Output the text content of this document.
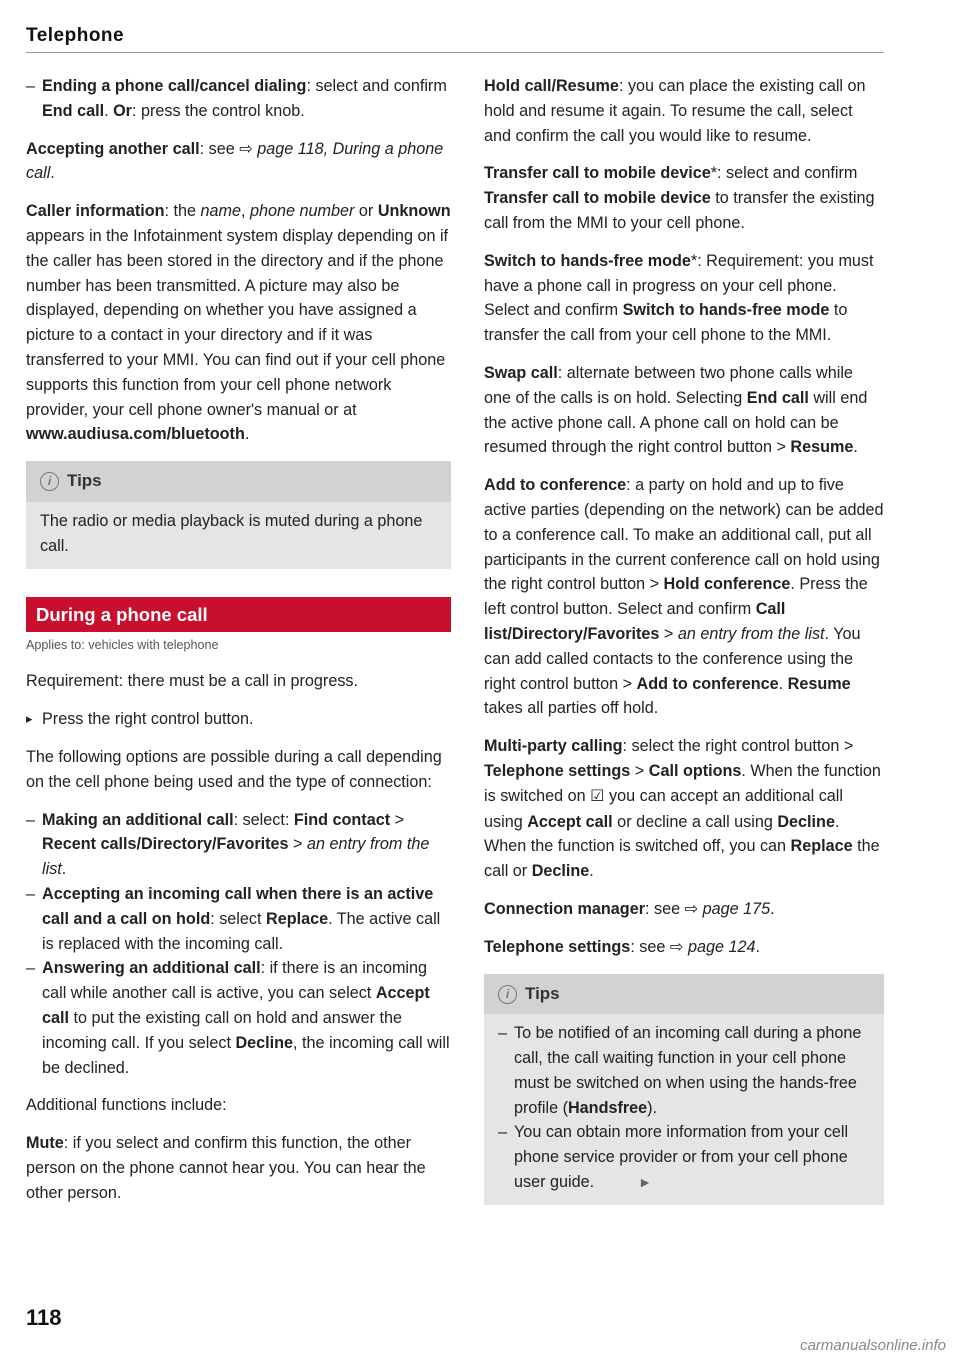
Telephone

– Ending a phone call/cancel dialing: select and confirm End call. Or: press the control knob.

Accepting another call: see ⇨ page 118, During a phone call.

Caller information: the name, phone number or Unknown appears in the Infotainment system display depending on if the caller has been stored in the directory and if the phone number has been transmitted. A picture may also be displayed, depending on whether you have assigned a picture to a contact in your directory and if it was transferred to your MMI. You can find out if your cell phone supports this function from your cell phone network provider, your cell phone owner's manual or at www.audiusa.com/bluetooth.

i Tips

The radio or media playback is muted during a phone call.

During a phone call
Applies to: vehicles with telephone

Requirement: there must be a call in progress.

▸ Press the right control button.

The following options are possible during a call depending on the cell phone being used and the type of connection:

– Making an additional call: select: Find contact > Recent calls/Directory/Favorites > an entry from the list.

– Accepting an incoming call when there is an active call and a call on hold: select Replace. The active call is replaced with the incoming call.

– Answering an additional call: if there is an incoming call while another call is active, you can select Accept call to put the existing call on hold and answer the incoming call. If you select Decline, the incoming call will be declined.

Additional functions include:

Mute: if you select and confirm this function, the other person on the phone cannot hear you. You can hear the other person.

Hold call/Resume: you can place the existing call on hold and resume it again. To resume the call, select and confirm the call you would like to resume.

Transfer call to mobile device*: select and confirm Transfer call to mobile device to transfer the existing call from the MMI to your cell phone.

Switch to hands-free mode*: Requirement: you must have a phone call in progress on your cell phone. Select and confirm Switch to hands-free mode to transfer the call from your cell phone to the MMI.

Swap call: alternate between two phone calls while one of the calls is on hold. Selecting End call will end the active phone call. A phone call on hold can be resumed through the right control button > Resume.

Add to conference: a party on hold and up to five active parties (depending on the network) can be added to a conference call. To make an additional call, put all participants in the current conference call on hold using the right control button > Hold conference. Press the left control button. Select and confirm Call list/Directory/Favorites > an entry from the list. You can add called contacts to the conference using the right control button > Add to conference. Resume takes all parties off hold.

Multi-party calling: select the right control button > Telephone settings > Call options. When the function is switched on ☑ you can accept an additional call using Accept call or decline a call using Decline. When the function is switched off, you can Replace the call or Decline.

Connection manager: see ⇨ page 175.

Telephone settings: see ⇨ page 124.

i Tips

– To be notified of an incoming call during a phone call, the call waiting function in your cell phone must be switched on when using the hands-free profile (Handsfree).

– You can obtain more information from your cell phone service provider or from your cell phone user guide.	►

118
carmanualsonline.info
